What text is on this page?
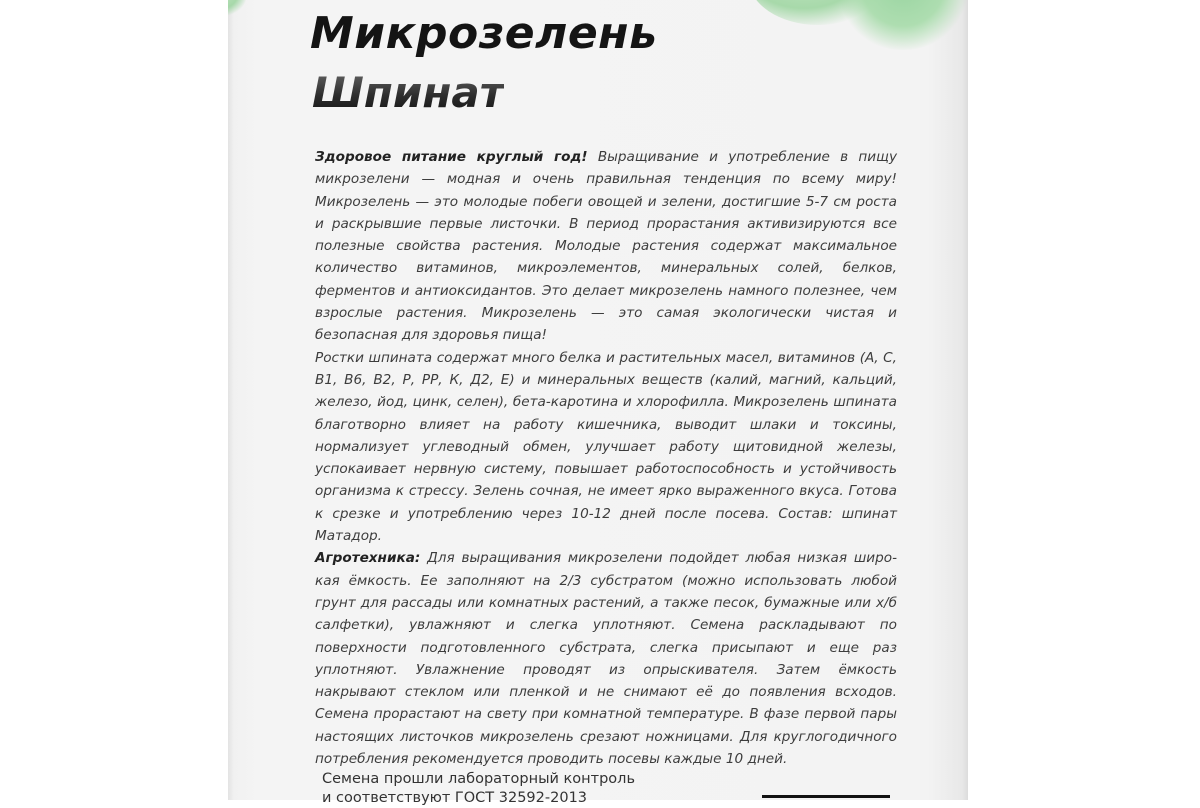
Микрозелень
Шпинат

Здоровое питание круглый год! Выращивание и употребление в пищу микрозелени — модная и очень правильная тенденция по всему миру! Микрозелень — это молодые побеги овощей и зелени, достигшие 5-7 см роста и раскрывшие первые листочки. В период прорастания активизируются все полезные свойства растения. Молодые растения содержат максимальное количество витаминов, микроэлементов, минеральных солей, белков, ферментов и антиоксидантов. Это делает микрозелень намного полезнее, чем взрослые растения. Микрозелень — это самая экологически чистая и безопасная для здоровья пища!

Ростки шпината содержат много белка и растительных масел, витаминов (А, С, В1, В6, В2, Р, РР, К, Д2, Е) и минеральных веществ (калий, магний, кальций, железо, йод, цинк, селен), бета-каротина и хлорофилла. Микрозелень шпината благотворно влияет на работу кишечника, выводит шлаки и токсины, нормализует углеводный обмен, улучшает работу щитовидной железы, успокаивает нервную систему, повышает работоспособность и устойчивость организма к стрессу. Зелень сочная, не имеет ярко выраженного вкуса. Готова к срезке и употреблению через 10-12 дней после посева. Состав: шпинат Матадор.

Агротехника: Для выращивания микрозелени подойдет любая низкая широкая ёмкость. Ее заполняют на 2/3 субстратом (можно использовать любой грунт для рассады или комнатных растений, а также песок, бумажные или х/б салфетки), увлажняют и слегка уплотняют. Семена раскладывают по поверхности подготовленного субстрата, слегка присыпают и еще раз уплотняют. Увлажнение проводят из опрыскивателя. Затем ёмкость накрывают стеклом или пленкой и не снимают её до появления всходов. Семена прорастают на свету при комнатной температуре. В фазе первой пары настоящих листочков микрозелень срезают ножницами. Для круглогодичного потребления рекомендуется проводить посевы каждые 10 дней.

Семена прошли лабораторный контроль
и соответствуют ГОСТ 32592-2013
